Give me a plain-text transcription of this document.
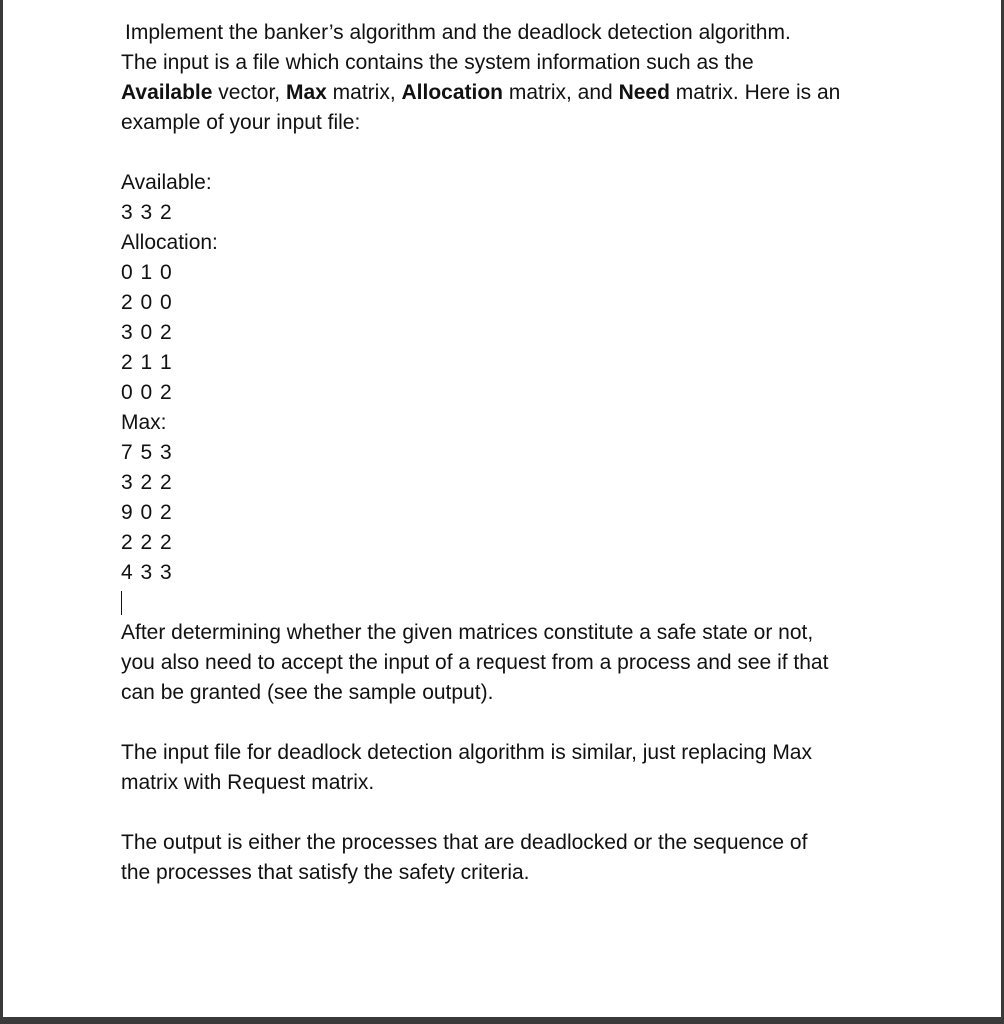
Implement the banker’s algorithm and the deadlock detection algorithm.
The input is a file which contains the system information such as the
Available vector, Max matrix, Allocation matrix, and Need matrix. Here is an
example of your input file:
Available:
3 3 2
Allocation:
0 1 0
2 0 0
3 0 2
2 1 1
0 0 2
Max:
7 5 3
3 2 2
9 0 2
2 2 2
4 3 3
After determining whether the given matrices constitute a safe state or not,
you also need to accept the input of a request from a process and see if that
can be granted (see the sample output).
The input file for deadlock detection algorithm is similar, just replacing Max
matrix with Request matrix.
The output is either the processes that are deadlocked or the sequence of
the processes that satisfy the safety criteria.
